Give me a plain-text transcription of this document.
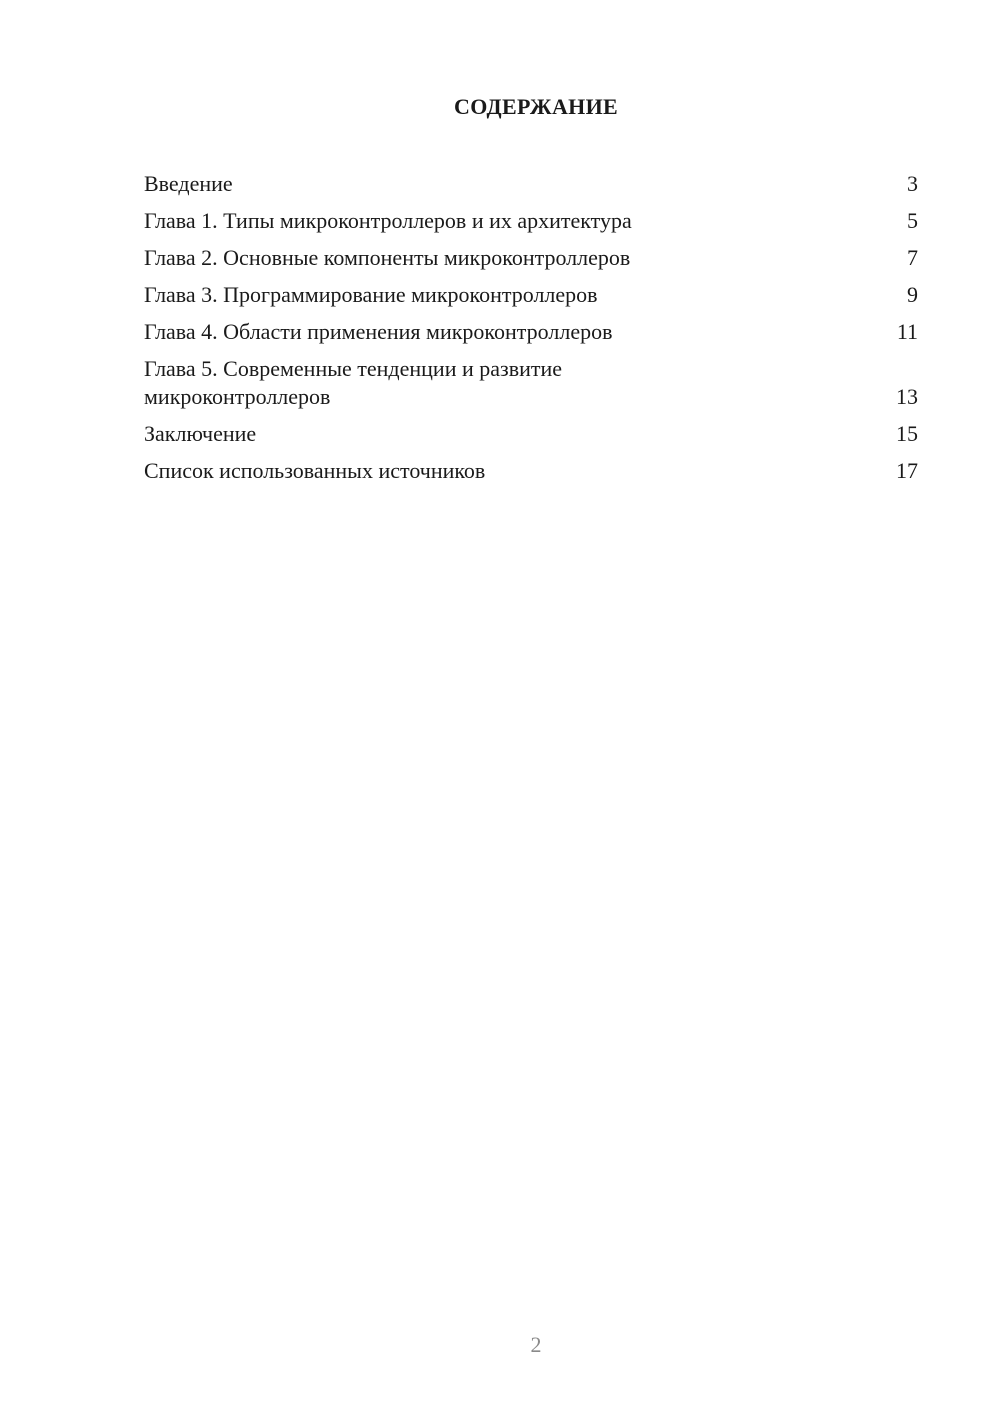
СОДЕРЖАНИЕ
Введение	3
Глава 1. Типы микроконтроллеров и их архитектура	5
Глава 2. Основные компоненты микроконтроллеров	7
Глава 3. Программирование микроконтроллеров	9
Глава 4. Области применения микроконтроллеров	11
Глава 5. Современные тенденции и развитие микроконтроллеров	13
Заключение	15
Список использованных источников	17
2
